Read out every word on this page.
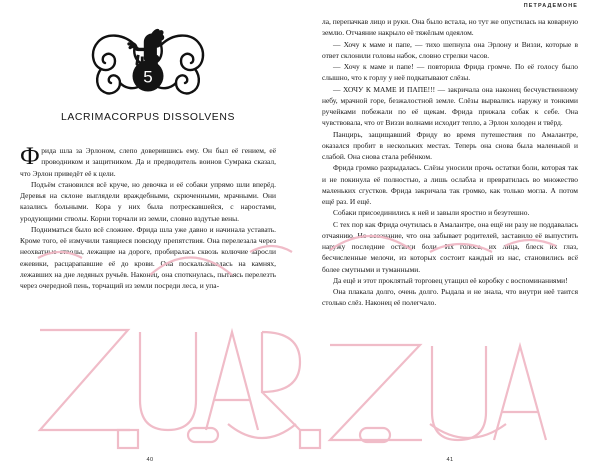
5
LACRIMACORPUS DISSOLVENS

Фрида шла за Эрлоном, слепо доверившись ему. Он был её гением, её проводником и защитником. Да и предводитель воинов Сумрака сказал, что Эрлон приведёт её к цели.

Подъём становился всё круче, но девочка и её собаки упрямо шли вперёд. Деревья на склоне выглядели враждебными, скрюченными, мрачными. Они казались больными. Кора у них была потрескавшейся, с наростами, уродующими стволы. Корни торчали из земли, словно вздутые вены.

Подниматься было всё сложнее. Фрида шла уже давно и начинала уставать. Кроме того, её измучили таящиеся повсюду препятствия. Она перелезала через неохватные стволы, лежащие на дороге, пробиралась сквозь колючие заросли ежевики, расцарапавшие её до крови. Она поскальзывалась на камнях, лежавших на дне ледяных ручьёв. Наконец, она споткнулась, пытаясь перелезть через очередной пень, торчащий из земли посреди леса, и упа-

40
ПЕТРАДЕМОНЕ

ла, перепачкав лицо и руки. Она было встала, но тут же опустилась на коварную землю. Отчаяние накрыло её тяжёлым одеялом.

— Хочу к маме и папе, — тихо шепнула она Эрлону и Виззи, которые в ответ склонили головы набок, словно стрелки часов.

— Хочу к маме и папе! — повторила Фрида громче. По её голосу было слышно, что к горлу у неё подкатывают слёзы.

— ХОЧУ К МАМЕ И ПАПЕ!!! — закричала она наконец бесчувственному небу, мрачной горе, безжалостной земле. Слёзы вырвались наружу и тонкими ручейками побежали по её щекам. Фрида прижала собак к себе. Она чувствовала, что от Виззи волнами исходит тепло, а Эрлон холоден и твёрд.

Панцирь, защищавший Фриду во время путешествия по Амалантре, оказался пробит в нескольких местах. Теперь она снова была маленькой и слабой. Она снова стала ребёнком.

Фрида громко разрыдалась. Слёзы уносили прочь остатки боли, которая так и не покинула её полностью, а лишь ослабла и превратилась во множество маленьких сгустков. Фрида закричала так громко, как только могла. А потом ещё раз. И ещё.

Собаки присоединились к ней и завыли яростно и безутешно.

С тех пор как Фрида очутилась в Амалантре, она ещё ни разу не поддавалась отчаянию. Но осознание, что она забывает родителей, заставило её выпустить наружу последние остатки боли. Их голоса, их лица, блеск их глаз, бесчисленные мелочи, из которых состоит каждый из нас, становились всё более смутными и туманными.

Да ещё и этот проклятый торговец утащил её коробку с воспоминаниями!

Она плакала долго, очень долго. Рыдала и не знала, что внутри неё таится столько слёз. Наконец её полегчало.

41
